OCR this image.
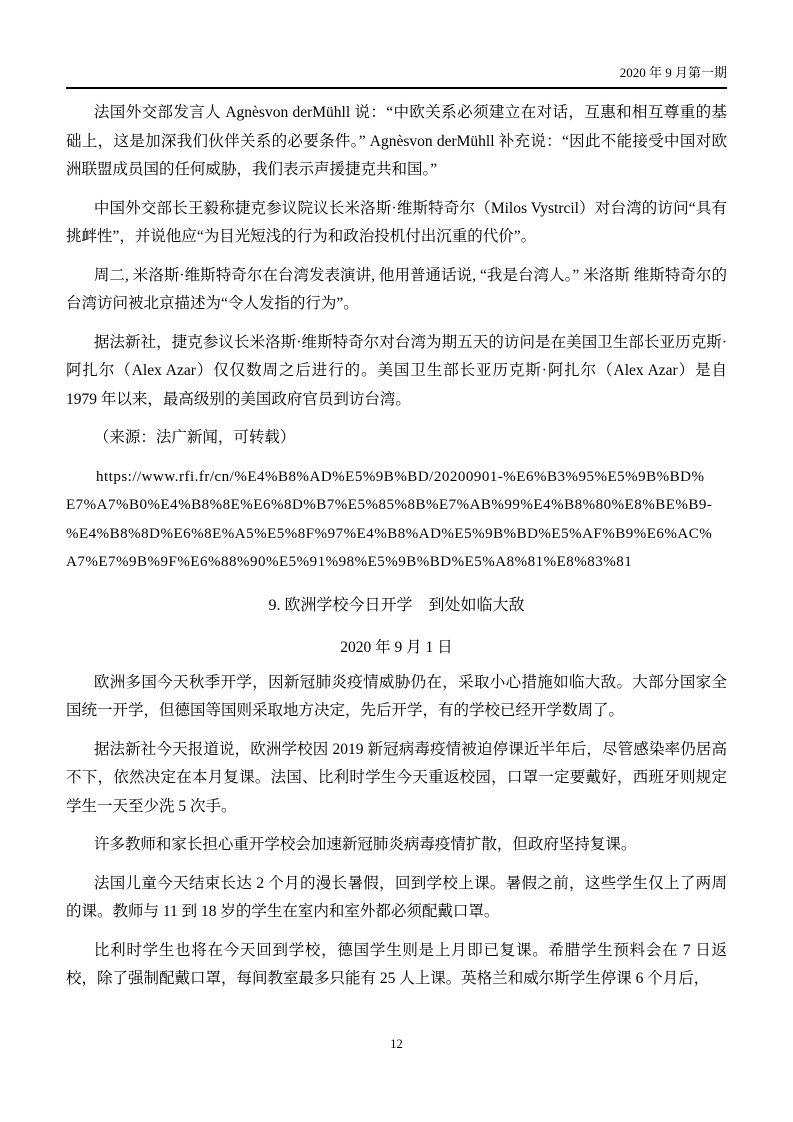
2020 年 9 月第一期

法国外交部发言人 Agnèsvon derMühll 说：“中欧关系必须建立在对话，互惠和相互尊重的基础上，这是加深我们伙伴关系的必要条件。” Agnèsvon derMühll 补充说：“因此不能接受中国对欧洲联盟成员国的任何威胁，我们表示声援捷克共和国。”

中国外交部长王毅称捷克参议院议长米洛斯·维斯特奇尔（Milos Vystrcil）对台湾的访问“具有挑衅性”，并说他应“为目光短浅的行为和政治投机付出沉重的代价”。

周二, 米洛斯·维斯特奇尔在台湾发表演讲, 他用普通话说, “我是台湾人。” 米洛斯 维斯特奇尔的台湾访问被北京描述为“令人发指的行为”。

据法新社，捷克参议长米洛斯·维斯特奇尔对台湾为期五天的访问是在美国卫生部长亚历克斯·阿扎尔（Alex Azar）仅仅数周之后进行的。美国卫生部长亚历克斯·阿扎尔（Alex Azar）是自 1979 年以来，最高级别的美国政府官员到访台湾。

（来源：法广新闻，可转载）

https://www.rfi.fr/cn/%E4%B8%AD%E5%9B%BD/20200901-%E6%B3%95%E5%9B%BD%
E7%A7%B0%E4%B8%8E%E6%8D%B7%E5%85%8B%E7%AB%99%E4%B8%80%E8%BE%B9-
%E4%B8%8D%E6%8E%A5%E5%8F%97%E4%B8%AD%E5%9B%BD%E5%AF%B9%E6%AC%
A7%E7%9B%9F%E6%88%90%E5%91%98%E5%9B%BD%E5%A8%81%E8%83%81
9. 欧洲学校今日开学　到处如临大敌
2020 年 9 月 1 日

欧洲多国今天秋季开学，因新冠肺炎疫情威胁仍在，采取小心措施如临大敌。大部分国家全国统一开学，但德国等国则采取地方决定，先后开学，有的学校已经开学数周了。

据法新社今天报道说，欧洲学校因 2019 新冠病毒疫情被迫停课近半年后，尽管感染率仍居高不下，依然决定在本月复课。法国、比利时学生今天重返校园，口罩一定要戴好，西班牙则规定学生一天至少洗 5 次手。

许多教师和家长担心重开学校会加速新冠肺炎病毒疫情扩散，但政府坚持复课。

法国儿童今天结束长达 2 个月的漫长暑假，回到学校上课。暑假之前，这些学生仅上了两周的课。教师与 11 到 18 岁的学生在室内和室外都必须配戴口罩。

比利时学生也将在今天回到学校，德国学生则是上月即已复课。希腊学生预料会在 7 日返校，除了强制配戴口罩，每间教室最多只能有 25 人上课。英格兰和威尔斯学生停课 6 个月后，

12
